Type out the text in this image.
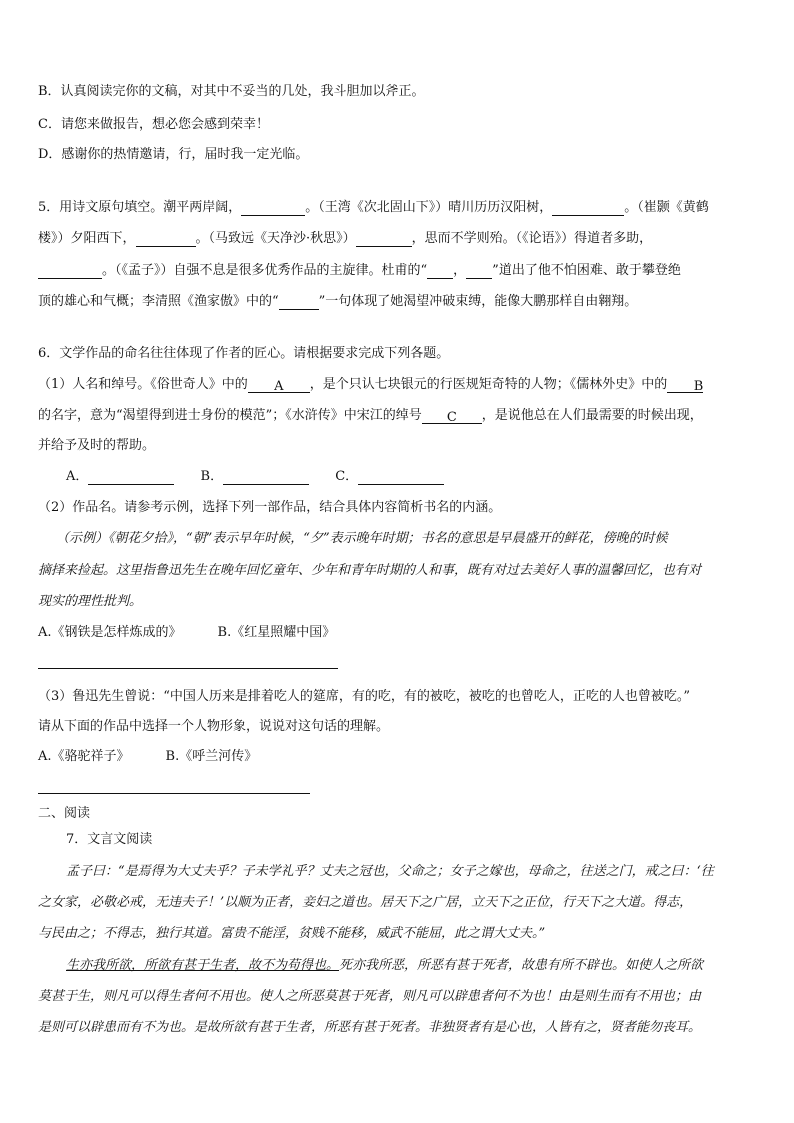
B．认真阅读完你的文稿，对其中不妥当的几处，我斗胆加以斧正。
C．请您来做报告，想必您会感到荣幸！
D．感谢你的热情邀请，行，届时我一定光临。
5．用诗文原句填空。潮平两岸阔，	。（王湾《次北固山下》）晴川历历汉阳树，	。（崔颢《黄鹤
楼》）夕阳西下，	。（马致远《天净沙·秋思》）	，思而不学则殆。（《论语》）得道者多助，
。（《孟子》）自强不息是很多优秀作品的主旋律。杜甫的“ ， ”道出了他不怕困难、敢于攀登绝
顶的雄心和气概；李清照《渔家傲》中的“	”一句体现了她渴望冲破束缚，能像大鹏那样自由翱翔。
6．文学作品的命名往往体现了作者的匠心。请根据要求完成下列各题。
（1）人名和绰号。《俗世奇人》中的 A ，是个只认七块银元的行医规矩奇特的人物；《儒林外史》中的 B
的名字，意为“渴望得到进士身份的模范”；《水浒传》中宋江的绰号 C ，是说他总在人们最需要的时候出现，
并给予及时的帮助。
A．	B．	C．
（2）作品名。请参考示例，选择下列一部作品，结合具体内容简析书名的内涵。
（示例）《朝花夕拾》，“朝”表示早年时候，“夕”表示晚年时期；书名的意思是早晨盛开的鲜花，傍晚的时候
摘择来捡起。这里指鲁迅先生在晚年回忆童年、少年和青年时期的人和事，既有对过去美好人事的温馨回忆，也有对
现实的理性批判。
A.《钢铁是怎样炼成的》	B.《红星照耀中国》
（3）鲁迅先生曾说：“中国人历来是排着吃人的筵席，有的吃，有的被吃，被吃的也曾吃人，正吃的人也曾被吃。”
请从下面的作品中选择一个人物形象，说说对这句话的理解。
A.《骆驼祥子》	B.《呼兰河传》
二、阅读
7．文言文阅读
孟子曰：“是焉得为大丈夫乎？子未学礼乎？丈夫之冠也，父命之；女子之嫁也，母命之，往送之门，戒之曰：‘往
之女家，必敬必戒，无违夫子！’以顺为正者，妾妇之道也。居天下之广居，立天下之正位，行天下之大道。得志，
与民由之；不得志，独行其道。富贵不能淫，贫贱不能移，威武不能屈，此之谓大丈夫。”
生亦我所欲，所欲有甚于生者，故不为苟得也。死亦我所恶，所恶有甚于死者，故患有所不辟也。如使人之所欲
莫甚于生，则凡可以得生者何不用也。使人之所恶莫甚于死者，则凡可以辟患者何不为也！由是则生而有不用也；由
是则可以辟患而有不为也。是故所欲有甚于生者，所恶有甚于死者。非独贤者有是心也，人皆有之，贤者能勿丧耳。
